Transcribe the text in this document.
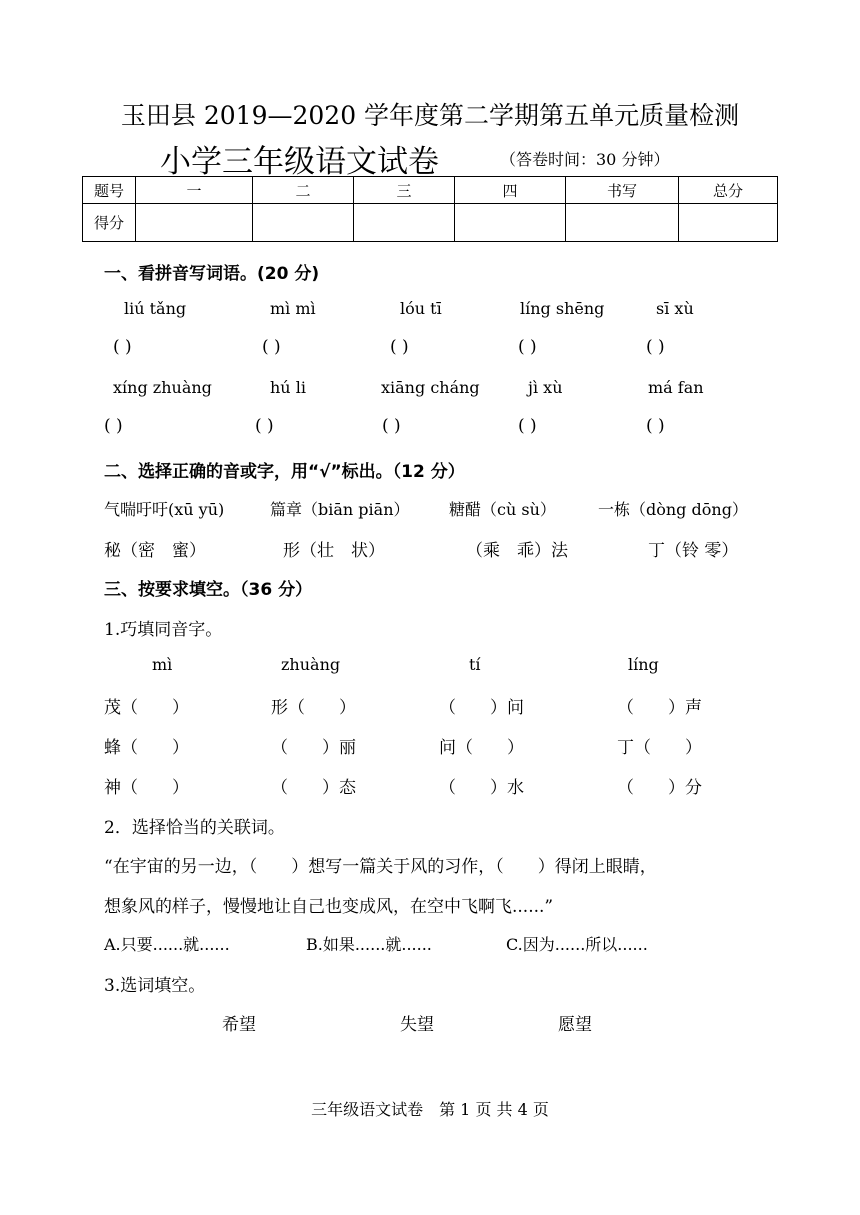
玉田县 2019—2020 学年度第二学期第五单元质量检测
小学三年级语文试卷	（答卷时间：30 分钟）
题号	一	二	三	四	书写	总分
得分						
一、看拼音写词语。(20 分)
liú tǎng	mì mì	lóu tī	líng shēng	sī xù
( )	( )	( )	( )	( )
xíng zhuàng	hú li	xiāng cháng	jì xù	má fan
( )	( )	( )	( )	( )
二、选择正确的音或字，用“√”标出。（12 分）
气喘吁吁(xū yū)	篇章（biān piān） 糖醋（cù sù）	一栋（dòng dōng）
秘（密　蜜）	形（壮　状）	（乘　乖）法	丁（铃 零）
三、按要求填空。（36 分）
1.巧填同音字。
mì	zhuàng	tí	líng
茂（　　）	形（　　）	（　　）问	（　　）声
蜂（　　）	（　　）丽	问（　　）	丁（　　）
神（　　）	（　　）态	（　　）水	（　　）分
2．选择恰当的关联词。
“在宇宙的另一边，（　　）想写一篇关于风的习作，（　　）得闭上眼睛，
想象风的样子，慢慢地让自己也变成风，在空中飞啊飞......”
A.只要......就......	B.如果......就......	C.因为......所以......
3.选词填空。
希望	失望	愿望
三年级语文试卷　第 1 页 共 4 页
